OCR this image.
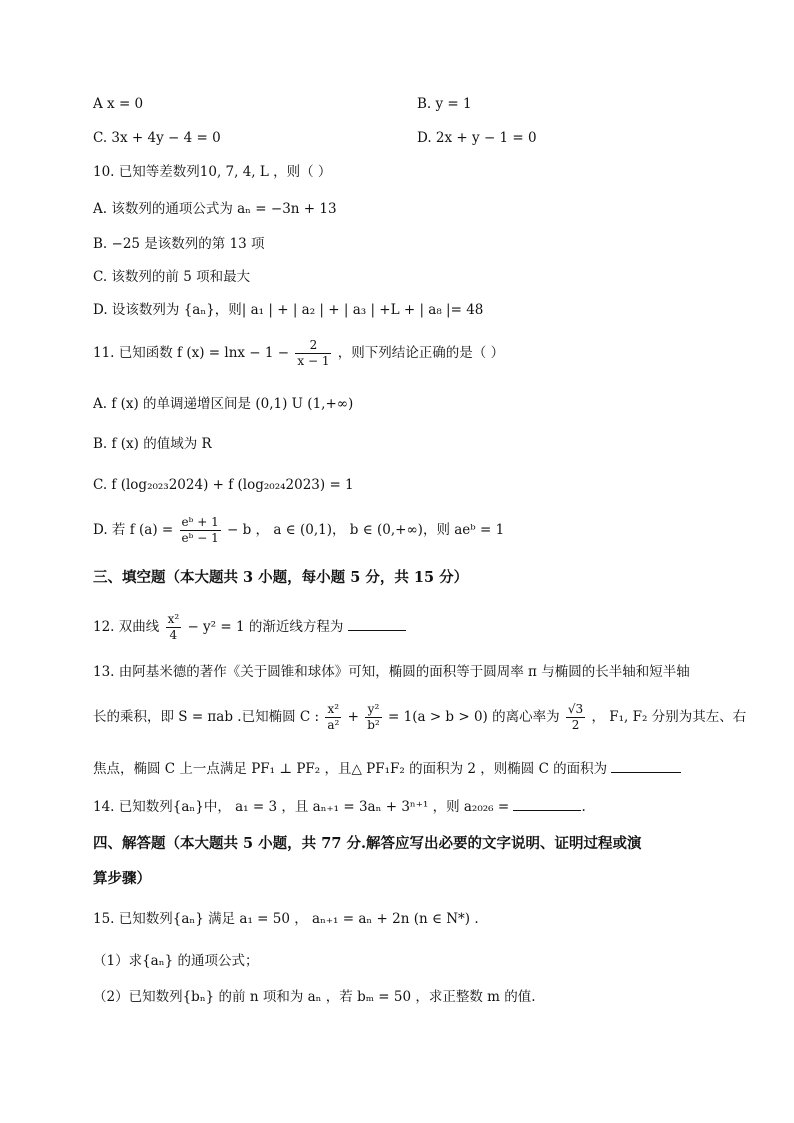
A x = 0	B. y = 1
C. 3x + 4y − 4 = 0	D. 2x + y − 1 = 0
10. 已知等差数列10, 7, 4, L ，则（ ）
A. 该数列的通项公式为 aₙ = −3n + 13
B. −25 是该数列的第 13 项
C. 该数列的前 5 项和最大
D. 设该数列为 {aₙ}，则| a₁ | + | a₂ | + | a₃ | +L + | a₈ |= 48
11. 已知函数 f $(x) = \ln x - 1 - \frac{2}{x - 1}$ ，则下列结论正确的是（ ）
A. f (x) 的单调递增区间是 (0,1) U (1,+∞)
B. f (x) 的值域为 R
C. f (log₂₀₂₃2024) + f (log₂₀₂₄2023) = 1
D. 若 f $(a) = \frac{\text{eᵇ + 1}}{\text{eᵇ − 1}} - b$ ， a ∈ (0,1)， b ∈ (0,+∞)，则 aeᵇ = 1
三、填空题（本大题共 3 小题，每小题 5 分，共 15 分）
12. 双曲线 $\frac{\text{x²}}{4} - y^2 = 1$ 的渐近线方程为
13. 由阿基米德的著作《关于圆锥和球体》可知，椭圆的面积等于圆周率 π 与椭圆的长半轴和短半轴
长的乘积，即 S = πab .已知椭圆 C : $\frac{\text{x²}}{\text{a²}} + \frac{\text{y²}}{\text{b²}} = 1(a > b > 0)$ 的离心率为 $\frac{√3}{2}$ ， F₁, F₂ 分别为其左、右
焦点，椭圆 C 上一点满足 PF₁ ⊥ PF₂ ，且△ PF₁F₂ 的面积为 2 ，则椭圆 C 的面积为
14. 已知数列{aₙ}中， a₁ = 3 ，且 aₙ₊₁ = 3aₙ + 3ⁿ⁺¹ ，则 a₂₀₂₆ =	.
四、解答题（本大题共 5 小题，共 77 分.解答应写出必要的文字说明、证明过程或演
算步骤）
15. 已知数列{aₙ} 满足 a₁ = 50 ， aₙ₊₁ = aₙ + 2n (n ∈ N*) .
（1）求{aₙ} 的通项公式；
（2）已知数列{bₙ} 的前 n 项和为 aₙ ，若 bₘ = 50 ，求正整数 m 的值.
